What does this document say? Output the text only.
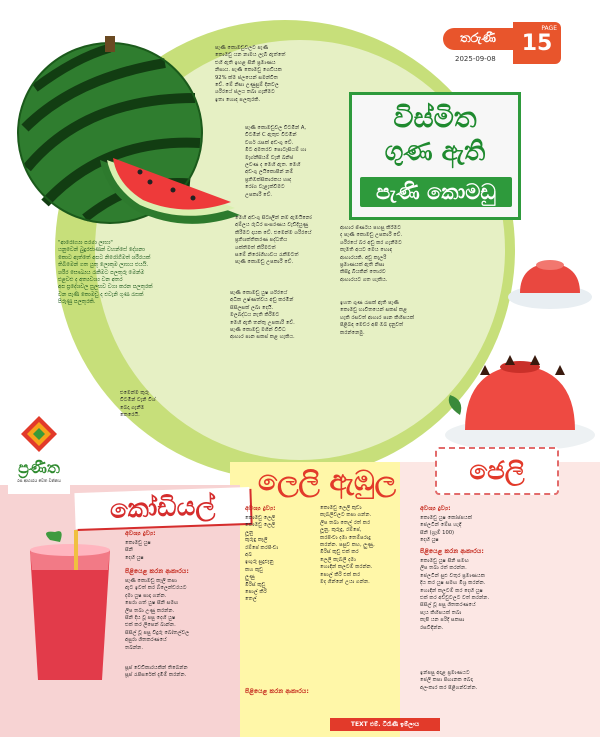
තරුණී
PAGE
15
2025-09-08
විස්මිත
ගුණ ඇති
පැණි කොමඩු
පැණි කොමඩුවලට පැණි
කොමඩු යන නාමය ලැබී ඇත්තේ
එහි ඇති ඉහළ සීනි ප්‍රමාණය
නිසාය. පැණි කොමඩු ගෙඩියක
92% ක්ම ජලයෙන් සමන්විත
වේ. මේ නිසා උණුසුම් දිනවල
ශරීරයේ ජලය තබා ගැනීමට
ඉතා හොඳ පලතුරකි.
පැණි කොමඩුවල විටමින් A,
විටමින් C ඇතුළු විටමින්
වර්ග රැසක් අඩංගු වේ.
මීට අමතරව පොටෑසියම් හා
මැග්නීසියම් වැනි ඛනිජ
ලවණ ද මෙහි ඇත. මෙහි
අඩංගු ලයිකොපීන් නම්
ප්‍රතිඔක්සිකාරකය හෘද
රෝග වැළැක්වීමට
උපකාරී වේ.
මෙහි අඩංගු සිට්‍රුලීන් නම් ඇමයිනෝ
අම්ලය රුධිර සංසරණය වැඩිදියුණු
කිරීමට දායක වේ. එමෙන්ම ශරීරයේ
ප්‍රතිශක්තිකරණ පද්ධතිය
ශක්තිමත් කිරීමටත්
සමේ නිරෝගීභාවය රැකීමටත්
පැණි කොමඩු උපකාරී වේ.
පැණි කොමඩු යුෂ ශරීරයේ
අධික උෂ්ණත්වය අඩු කරමින්
සිසිලසක් ලබා දෙයි.
මලබද්ධය නැති කිරීමට
මෙහි ඇති තන්තු උපකාරී වේ.
පැණි කොමඩු මගින් විවිධ
ආහාර පාන සකස් කළ හැකිය.
ආහාර ජීර්ණය පහසු කිරීමට
ද පැණි කොමඩු උපකාරී වේ.
ශරීරයේ බර අඩු කර ගැනීමට
කැමති අයට මෙය හොඳ
ආහාරයකි. අඩු කැලරි
ප්‍රමාණයක් ඇති නිසා
කිසිදු බියකින් තොරව
ආහාරයට ගත හැකිය.
ඉහත ගුණ රැසක් ඇති පැණි
කොමඩු භාවිතයෙන් සකස් කළ
හැකි රසවත් ආහාර පාන කිහිපයක්
පිළිබඳ මෙවර අපි ඔබ දැනුවත්
කරන්නෙමු.
"ආරෝග්‍යා පරමා ලාභා"
යනුවෙන් බුදුරජාණන් වහන්සේ දේශනා
කොට ඇත්තේ අපට නිරෝගීමත් ශරීරයක්
තිබීමෙන් ගත යුතු ලොකුම ලාභය එයයි.
ශරීර සෞඛ්‍යය රැකීමට පලතුරු මෙන්ම
එළවළු ද අත්‍යවශ්‍ය වන අතර
අප ප්‍රදේශවල සුලභව වගා කරන පලතුරක්
වන පැණි කොමඩු ද එවැනි ගුණ රැසක්
පිරුණු පලතුරකි.
එමෙන්ම කුරු
විටමින් වැනි විශ්
බෙදා ගැනීම
කෙරෙයි.
ප්‍රණීත
රස ආහාරය වෙත වන්නය
කෝඩියල්
අවශ්‍ය ද්‍රව්‍ය:
කොමඩු යුෂ
සීනි
දෙහි යුෂ
පිළියෙළ කරන ආකාරය:
පැණි කොමඩු කෑලි කපා
ඇට ඉවත් කර බ්ලෙන්ඩරයට
දමා යුෂ සාදා ගන්න.
පෙරා ගත් යුෂ සීනි සමඟ
ලිප තබා උණු කරන්න.
සීනි දිය වූ පසු දෙහි යුෂ
එක් කර ලිපෙන් බාන්න.
සිසිල් වූ පසු වීදුරු බෝතල්වල
අසුරා ශීතකරණයේ
තබන්න.
සූප් වෙඩිකාරයකින් තිබෙන්න
සූප් රැපිසරේක් දැමීම් කරන්න.
ලෙලි ඇඹුල
අවශ්‍ය ද්‍රව්‍ය:
කොමඩු ලෙලි
කොමඩු ලෙලි
ලූනු
කුරුඳු කෑලි
රම්පේ කරපිංචා
අබ
ඉඟුරු සුදුළූනු
කහ කුඩු
ලුණු
මිරිස් කුඩු
පොල් කිරි
තෙල්
පිළියෙළ කරන ආකාරය:
කොමඩු ලෙලි කුඩා
කැබලිවලට කපා ගන්න.
ලිප තබා තෙල් රත් කර
ලූනු, කුරුඳු, රම්පේ,
කරපිංචා දමා තෙම්පරාදු
කරන්න. පසුව කහ, ලුණු,
මිරිස් කුඩු එක් කර
ලෙලි කැබලි දමා
හොඳින් කලවම් කරන්න.
පොල් කිරි එක් කර
මද ගින්නේ උයා ගන්න.
TEXT එම්. ටිරෑණි ඉම්ලාය
ජෙලි
අවශ්‍ය ද්‍රව්‍ය:
කොමඩු යුෂ කෝප්පයක්
ජෙලටින් මේස හැඳි
සීනි (ග්‍රෑම් 100)
දෙහි යුෂ
පිළියෙළ කරන ආකාරය:
කොමඩු යුෂ සීනි සමඟ
ලිප තබා රත් කරන්න.
ජෙලටින් සුළු වතුර ප්‍රමාණයක
දිය කර යුෂ සමඟ මිශ්‍ර කරන්න.
හොඳින් කලවම් කර දෙහි යුෂ
එක් කර අච්චුවලට වත් කරන්න.
සිසිල් වූ පසු ශීතකරණයේ
පැය කිහිපයක් තබා
කැපී යන පරිදි සකසා
රසවිඳින්න.
ඉන්පසු අදාළ ප්‍රමාණයට
ජෙලි කපා පිඟානක බෙදා
අලංකාර කර පිළිගන්වන්න.
